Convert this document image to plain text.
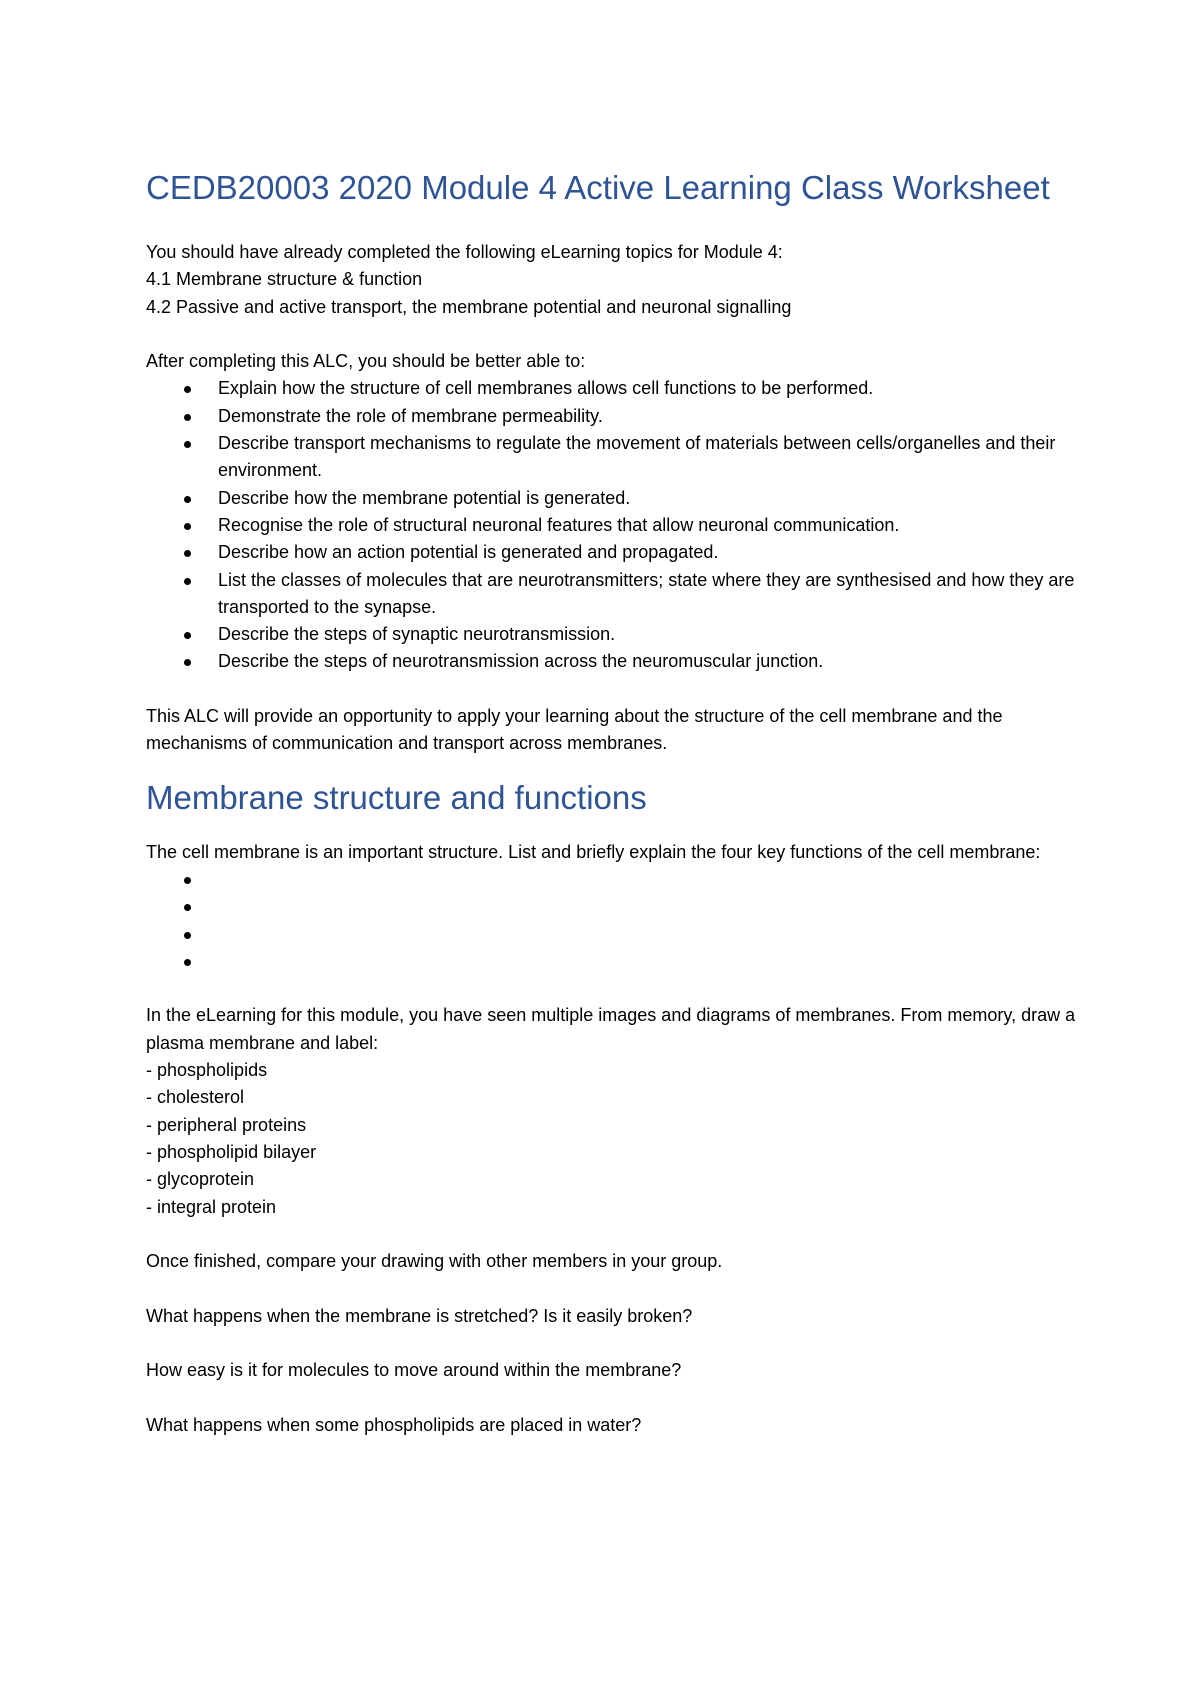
CEDB20003 2020 Module 4 Active Learning Class Worksheet

You should have already completed the following eLearning topics for Module 4:

4.1 Membrane structure & function

4.2 Passive and active transport, the membrane potential and neuronal signalling

After completing this ALC, you should be better able to:

Explain how the structure of cell membranes allows cell functions to be performed.
Demonstrate the role of membrane permeability.
Describe transport mechanisms to regulate the movement of materials between cells/organelles and their environment.
Describe how the membrane potential is generated.
Recognise the role of structural neuronal features that allow neuronal communication.
Describe how an action potential is generated and propagated.
List the classes of molecules that are neurotransmitters; state where they are synthesised and how they are transported to the synapse.
Describe the steps of synaptic neurotransmission.
Describe the steps of neurotransmission across the neuromuscular junction.

This ALC will provide an opportunity to apply your learning about the structure of the cell membrane and the mechanisms of communication and transport across membranes.

Membrane structure and functions

The cell membrane is an important structure. List and briefly explain the four key functions of the cell membrane:

In the eLearning for this module, you have seen multiple images and diagrams of membranes. From memory, draw a plasma membrane and label:

- phospholipids

- cholesterol

- peripheral proteins

- phospholipid bilayer

- glycoprotein

- integral protein

Once finished, compare your drawing with other members in your group.

What happens when the membrane is stretched? Is it easily broken?

How easy is it for molecules to move around within the membrane?

What happens when some phospholipids are placed in water?
